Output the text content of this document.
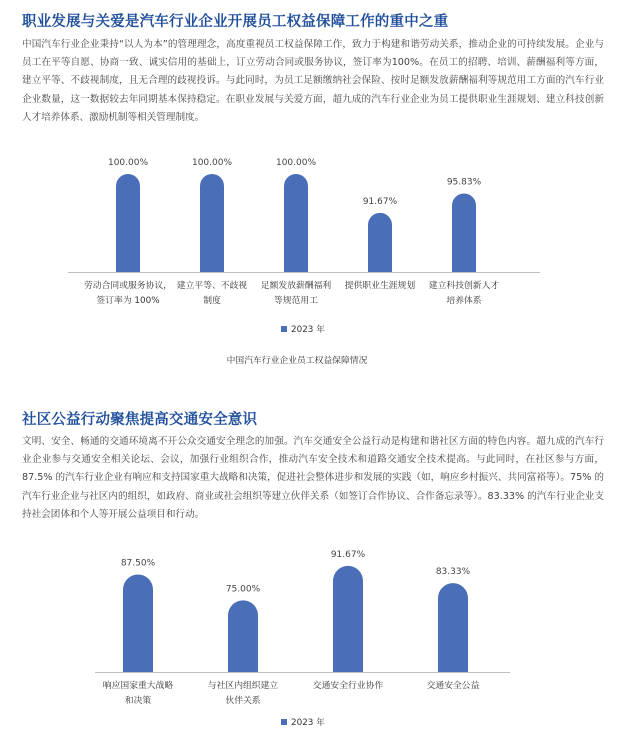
职业发展与关爱是汽车行业企业开展员工权益保障工作的重中之重

中国汽车行业企业秉持“以人为本”的管理理念，高度重视员工权益保障工作，致力于构建和谐劳动关系，推动企业的可持续发展。企业与员工在平等自愿、协商一致、诚实信用的基础上，订立劳动合同或服务协议，签订率为100%。在员工的招聘、培训、薪酬福利等方面，建立平等、不歧视制度，且无合理的歧视投诉。与此同时，为员工足额缴纳社会保险、按时足额发放薪酬福利等规范用工方面的汽车行业企业数量，这一数据较去年同期基本保持稳定。在职业发展与关爱方面，超九成的汽车行业企业为员工提供职业生涯规划、建立科技创新人才培养体系、激励机制等相关管理制度。

100.00%	100.00%	100.00%
91.67%
95.83%
劳动合同或服务协议，
签订率为 100%
建立平等、不歧视
制度
足额发放薪酬福利
等规范用工
提供职业生涯规划 建立科技创新人才
培养体系
2023 年
中国汽车行业企业员工权益保障情况
社区公益行动聚焦提高交通安全意识

文明、安全、畅通的交通环境离不开公众交通安全理念的加强。汽车交通安全公益行动是构建和谐社区方面的特色内容。超九成的汽车行业企业参与交通安全相关论坛、会议，加强行业组织合作，推动汽车安全技术和道路交通安全技术提高。与此同时，在社区参与方面，87.5% 的汽车行业企业有响应和支持国家重大战略和决策，促进社会整体进步和发展的实践（如，响应乡村振兴、共同富裕等）。75% 的汽车行业企业与社区内的组织，如政府、商业或社会组织等建立伙伴关系（如签订合作协议、合作备忘录等）。83.33% 的汽车行业企业支持社会团体和个人等开展公益项目和行动。

87.50%
75.00%
91.67%
83.33%
响应国家重大战略
和决策
与社区内组织建立
伙伴关系
交通安全行业协作	交通安全公益
2023 年
